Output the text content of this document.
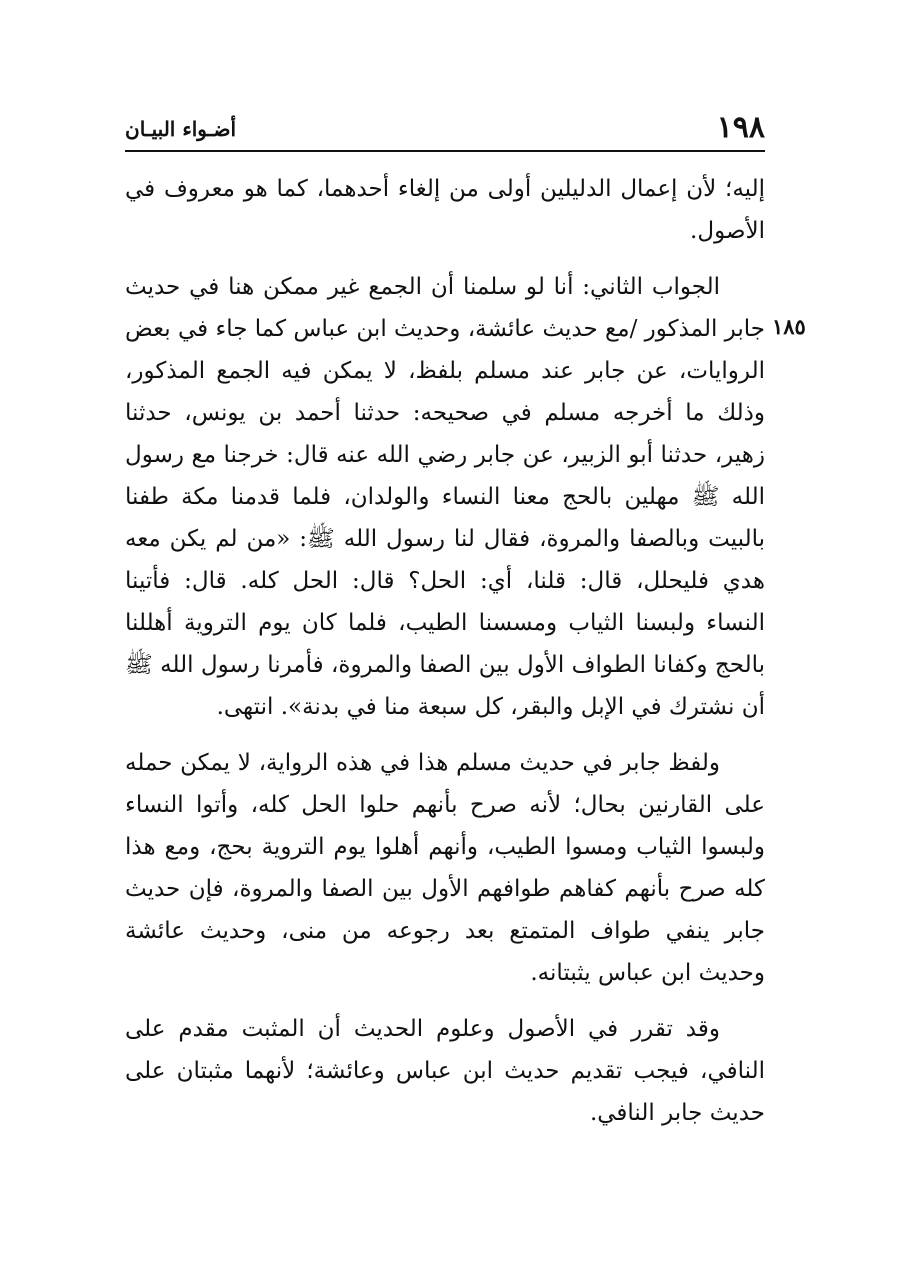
١٩٨
أضـواء البيـان
١٨٥

إليه؛ لأن إعمال الدليلين أولى من إلغاء أحدهما، كما هو معروف في الأصول.

الجواب الثاني: أنا لو سلمنا أن الجمع غير ممكن هنا في حديث جابر المذكور /مع حديث عائشة، وحديث ابن عباس كما جاء في بعض الروايات، عن جابر عند مسلم بلفظ، لا يمكن فيه الجمع المذكور، وذلك ما أخرجه مسلم في صحيحه: حدثنا أحمد بن يونس، حدثنا زهير، حدثنا أبو الزبير، عن جابر رضي الله عنه قال: خرجنا مع رسول الله ﷺ مهلين بالحج معنا النساء والولدان، فلما قدمنا مكة طفنا بالبيت وبالصفا والمروة، فقال لنا رسول الله ﷺ: «من لم يكن معه هدي فليحلل، قال: قلنا، أي: الحل؟ قال: الحل كله. قال: فأتينا النساء ولبسنا الثياب ومسسنا الطيب، فلما كان يوم التروية أهللنا بالحج وكفانا الطواف الأول بين الصفا والمروة، فأمرنا رسول الله ﷺ أن نشترك في الإبل والبقر، كل سبعة منا في بدنة». انتهى.

ولفظ جابر في حديث مسلم هذا في هذه الرواية، لا يمكن حمله على القارنين بحال؛ لأنه صرح بأنهم حلوا الحل كله، وأتوا النساء ولبسوا الثياب ومسوا الطيب، وأنهم أهلوا يوم التروية بحج، ومع هذا كله صرح بأنهم كفاهم طوافهم الأول بين الصفا والمروة، فإن حديث جابر ينفي طواف المتمتع بعد رجوعه من منى، وحديث عائشة وحديث ابن عباس يثبتانه.

وقد تقرر في الأصول وعلوم الحديث أن المثبت مقدم على النافي، فيجب تقديم حديث ابن عباس وعائشة؛ لأنهما مثبتان على حديث جابر النافي.
